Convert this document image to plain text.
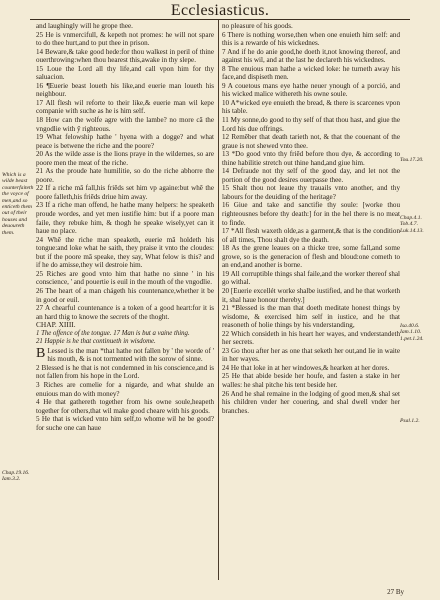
Ecclesiasticus.
Which is a wilde beast counterfaiteth the voyce of men,and so enticeth them out of their houses and deuoureth them.
Chap.19.16. Iam.3.2.
Tou.17.20.
Chap.4.1. Tob.4.7. Luk.14.13.
Isa.40.6. Iam.1.10. 1.pet.1.24.
Psal.1.2.

and laughingly will he grope thee.

25 He is vnmercifull, & kepeth not promes: he will not spare to do thee hurt,and to put thee in prison.

14 Beware,& take good hede:for thou walkest in peril of thine ouerthrowing:when thou hearest this,awake in thy slepe.

15 Loue the Lord all thy life,and call vpon him for thy saluacion.

16 ¶Euerie beast loueth his like,and euerie man loueth his neighbour.

17 All flesh wil reforte to their like,& euerie man wil kepe companie with suche as he is him self.

18 How can the wolfe agre with the lambe? no more cā the vngodlie with ỹ righteous.

19 What felowship hathe ' hyena with a dogge? and what peace is betwene the riche and the poore?

20 As the wilde asse is the lions praye in the wildernes, so are poore men the meat of the riche.

21 As the proude hate humilitie, so do the riche abhorre the poore.

22 If a riche mā fall,his friēds set him vp againe:but whē the poore falleth,his friēds driue him away.

23 If a riche man offend, he hathe many helpers: he speaketh proude wordes, and yet men iustifie him: but if a poore man faile, they rebuke him, & thogh he speake wisely,yet can it haue no place.

24 Whē the riche man speaketh, euerie mā holdeth his tongue:and loke what he saith, they praise it vnto the cloudes: but if the poore mā speake, they say, What felow is this? and if he do amisse,they wil destroie him.

25 Riches are good vnto him that hathe no sinne ' in his conscience, ' and pouertie is euil in the mouth of the vngodlie.

26 The heart of a man chágeth his countenance,whether it be in good or euil.

27 A chearful countenance is a token of a good heart:for it is an hard thig to knowe the secrets of the thoght.

CHAP. XIIII.

1 The offence of the tongue. 17 Man is but a vaine thing.

21 Happie is he that continueth in wisdome.

B Lessed is the man *that hathe not fallen by ' the worde of ' his mouth, & is not tormented with the sorow of sinne.

2 Blessed is he that is not condemned in his conscience,and is not fallen from his hope in the Lord.

3 Riches are comelie for a nigarde, and what shulde an enuious man do with money?

4 He that gathereth together from his owne soule,heapeth together for others,that wil make good cheare with his goods.

5 He that is wicked vnto him self,to whome wil he be good? for suche one can haue

no pleasure of his goods.

6 There is nothing worse,then when one enuieth him self: and this is a rewarde of his wickednes.

7 And if he do anie good,he doeth it,not knowing thereof, and against his wil, and at the last he declareth his wickednes.

8 The enuious man hathe a wicked loke: he turneth away his face,and dispiseth men.

9 A couetous mans eye hathe neuer ynough of a porció, and his wicked malice withereth his owne soule.

10 A*wicked eye enuieth the bread, & there is scarcenes vpon his table.

11 My sonne,do good to thy self of that thou hast, and giue the Lord his due offrings.

12 Remēber that death tarieth not, & that the couenant of the graue is not shewed vnto thee.

13 *Do good vnto thy friēd before thou dye, & according to thine habilitie stretch out thine hand,and giue him.

14 Defraude not thy self of the good day, and let not the portion of the good desires ouerpasse thee.

15 Shalt thou not leaue thy trauails vnto another, and thy labours for the deuiding of the heritage?

16 Giue and take and sanctifie thy soule: [worke thou righteousnes before thy death:] for in the hel there is no meat to finde.

17 *All flesh waxeth olde,as a garment,& that is the condition of all times, Thou shalt dye the death.

18 As the grene leaues on a thicke tree, some fall,and some growe, so is the generacion of flesh and bloud:one cometh to an end,and another is borne.

19 All corruptible things shal faile,and the worker thereof shal go withal.

20 [Euerie excellét worke shalbe iustified, and he that worketh it, shal haue honour thereby.]

21 *Blessed is the man that doeth meditate honest things by wisdome, & exercised him self in iustice, and he that reasoneth of holie things by his vnderstanding,

22 Which consideth in his heart her wayes, and vnderstandeth her secrets.

23 Go thou after her as one that seketh her out,and lie in waite in her wayes.

24 He that loke in at her windowes,& hearken at her dores.

25 He that abide beside her houfe, and fasten a stake in her walles: he shal pitche his tent beside her.

26 And he shal remaine in the lodging of good men,& shal set his children vnder her couering, and shal dwell vnder her branches.

27 By
